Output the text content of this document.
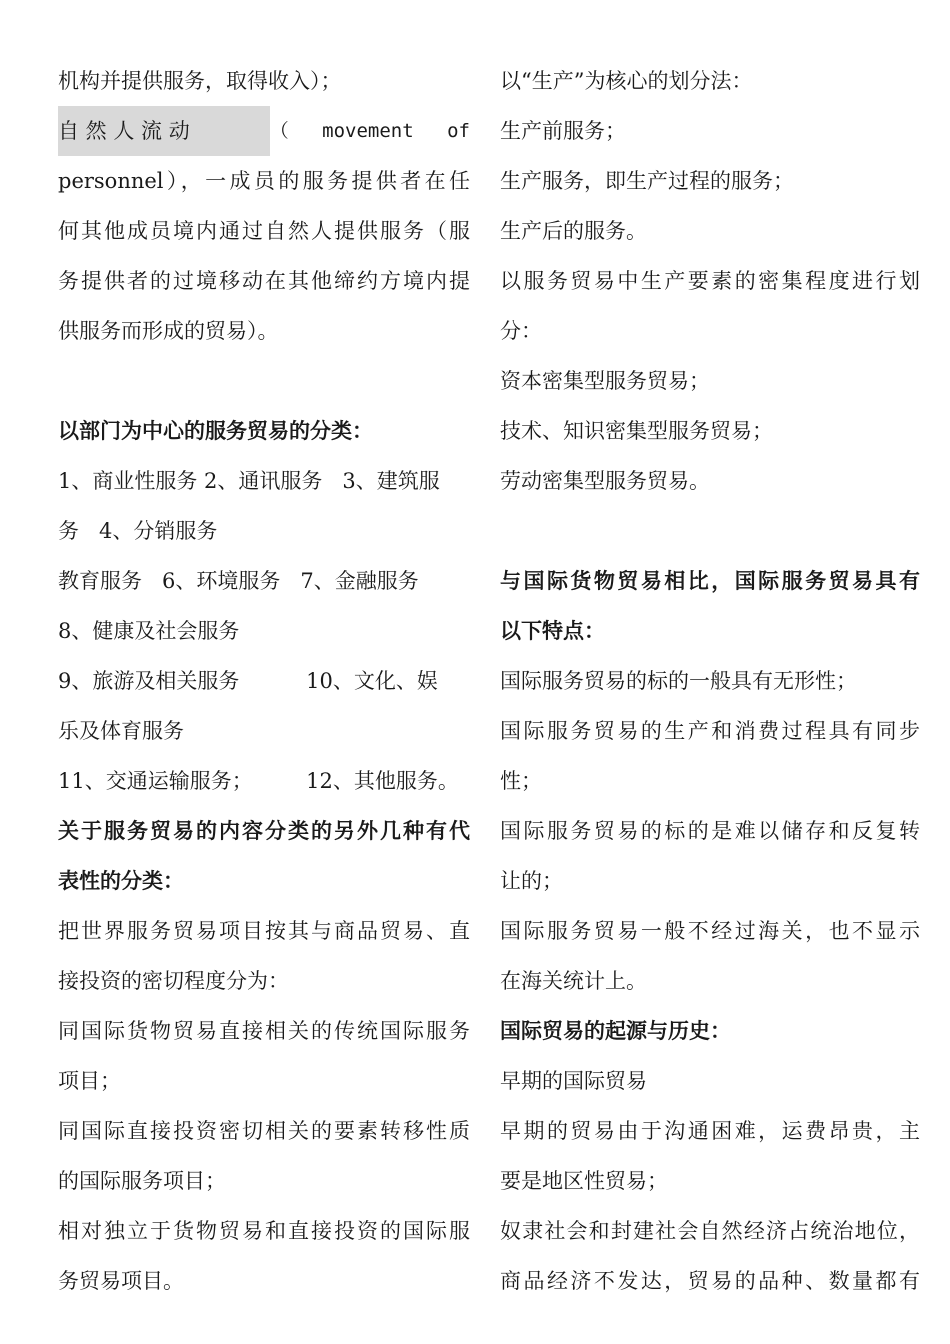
机构并提供服务，取得收入）；
自 然 人 流 动	（ movement of
personnel），一成员的服务提供者在任
何其他成员境内通过自然人提供服务（服
务提供者的过境移动在其他缔约方境内提
供服务而形成的贸易）。
以部门为中心的服务贸易的分类：
1、商业性服务 2、通讯服务   3、建筑服
务   4、分销服务
教育服务   6、环境服务   7、金融服务
8、健康及社会服务
9、旅游及相关服务          10、文化、娱
乐及体育服务
11、交通运输服务；        12、其他服务。
关于服务贸易的内容分类的另外几种有代
表性的分类：
把世界服务贸易项目按其与商品贸易、直
接投资的密切程度分为：
同国际货物贸易直接相关的传统国际服务
项目；
同国际直接投资密切相关的要素转移性质
的国际服务项目；
相对独立于货物贸易和直接投资的国际服
务贸易项目。
以“生产”为核心的划分法：
生产前服务；
生产服务，即生产过程的服务；
生产后的服务。
以服务贸易中生产要素的密集程度进行划
分：
资本密集型服务贸易；
技术、知识密集型服务贸易；
劳动密集型服务贸易。
与国际货物贸易相比，国际服务贸易具有
以下特点：
国际服务贸易的标的一般具有无形性；
国际服务贸易的生产和消费过程具有同步
性；
国际服务贸易的标的是难以储存和反复转
让的；
国际服务贸易一般不经过海关，也不显示
在海关统计上。
国际贸易的起源与历史：
早期的国际贸易
早期的贸易由于沟通困难，运费昂贵，主
要是地区性贸易；
奴隶社会和封建社会自然经济占统治地位，
商品经济不发达，贸易的品种、数量都有
